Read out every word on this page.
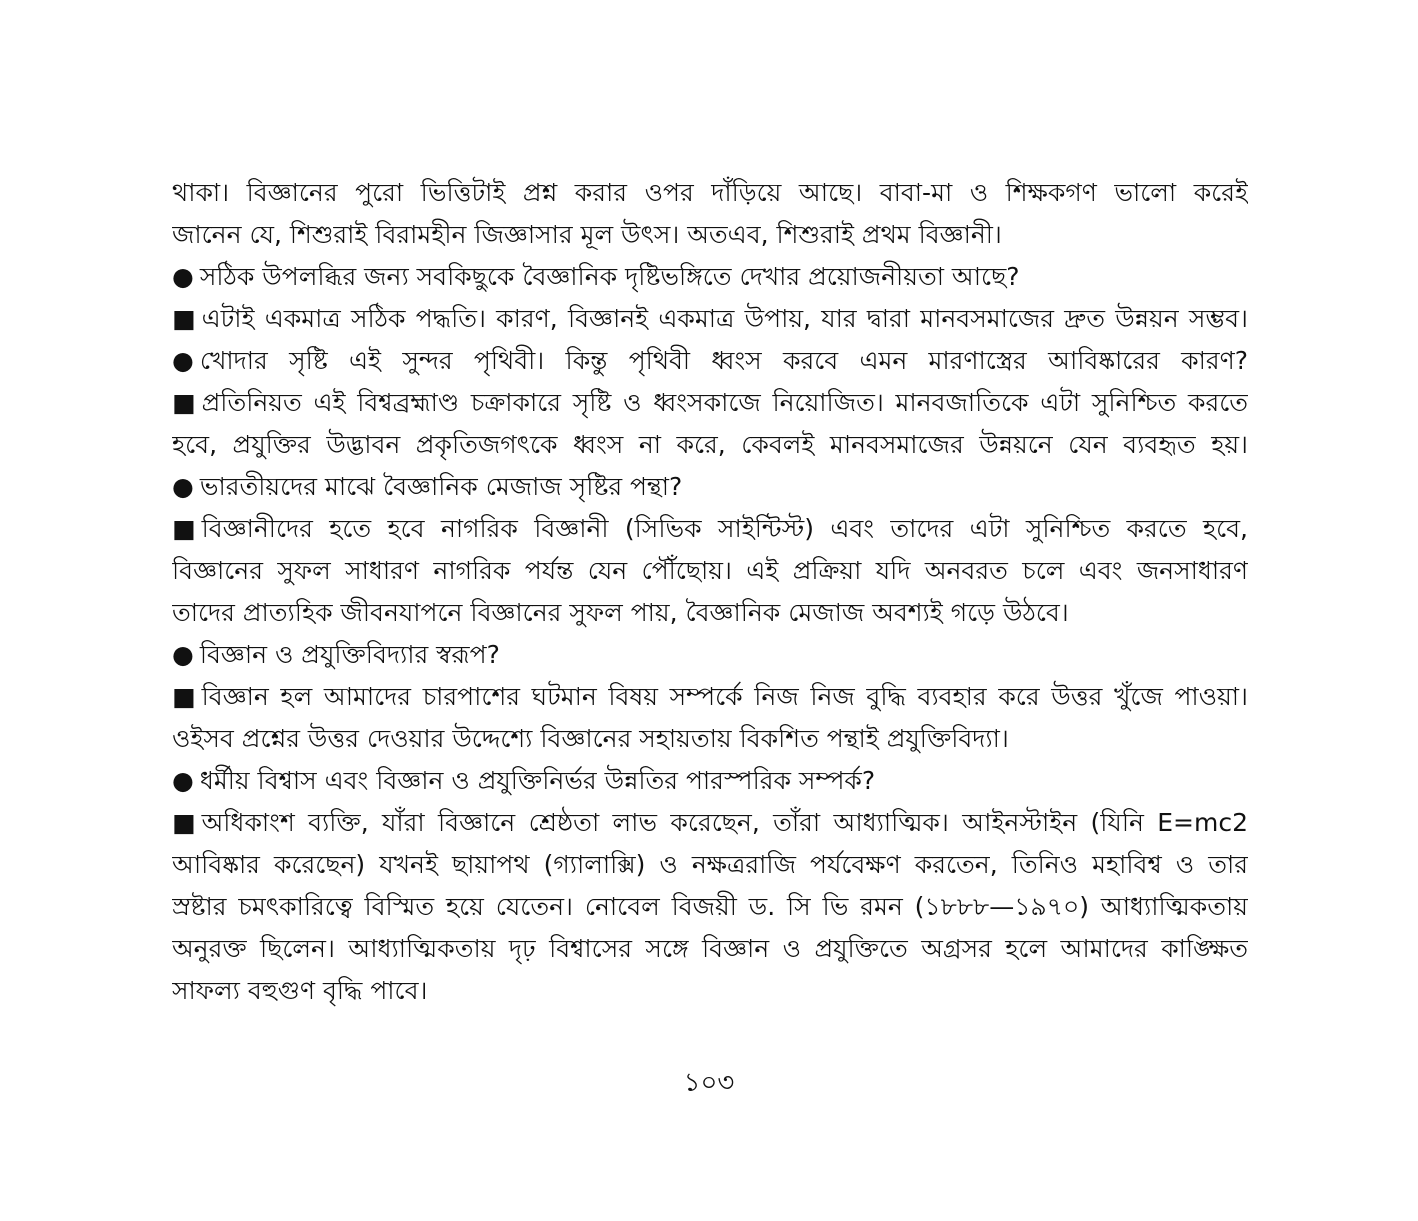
থাকা। বিজ্ঞানের পুরো ভিত্তিটাই প্রশ্ন করার ওপর দাঁড়িয়ে আছে। বাবা-মা ও শিক্ষকগণ ভালো করেই
জানেন যে, শিশুরাই বিরামহীন জিজ্ঞাসার মূল উৎস। অতএব, শিশুরাই প্রথম বিজ্ঞানী।
● সঠিক উপলব্ধির জন্য সবকিছুকে বৈজ্ঞানিক দৃষ্টিভঙ্গিতে দেখার প্রয়োজনীয়তা আছে?
■ এটাই একমাত্র সঠিক পদ্ধতি। কারণ, বিজ্ঞানই একমাত্র উপায়, যার দ্বারা মানবসমাজের দ্রুত উন্নয়ন সম্ভব।
● খোদার সৃষ্টি এই সুন্দর পৃথিবী। কিন্তু পৃথিবী ধ্বংস করবে এমন মারণাস্ত্রের আবিষ্কারের কারণ?
■ প্রতিনিয়ত এই বিশ্বব্রহ্মাণ্ড চক্রাকারে সৃষ্টি ও ধ্বংসকাজে নিয়োজিত। মানবজাতিকে এটা সুনিশ্চিত করতে
হবে, প্রযুক্তির উদ্ভাবন প্রকৃতিজগৎকে ধ্বংস না করে, কেবলই মানবসমাজের উন্নয়নে যেন ব্যবহৃত হয়।
● ভারতীয়দের মাঝে বৈজ্ঞানিক মেজাজ সৃষ্টির পন্থা?
■ বিজ্ঞানীদের হতে হবে নাগরিক বিজ্ঞানী (সিভিক সাইন্টিস্ট) এবং তাদের এটা সুনিশ্চিত করতে হবে,
বিজ্ঞানের সুফল সাধারণ নাগরিক পর্যন্ত যেন পৌঁছোয়। এই প্রক্রিয়া যদি অনবরত চলে এবং জনসাধারণ
তাদের প্রাত্যহিক জীবনযাপনে বিজ্ঞানের সুফল পায়, বৈজ্ঞানিক মেজাজ অবশ্যই গড়ে উঠবে।
● বিজ্ঞান ও প্রযুক্তিবিদ্যার স্বরূপ?
■ বিজ্ঞান হল আমাদের চারপাশের ঘটমান বিষয় সম্পর্কে নিজ নিজ বুদ্ধি ব্যবহার করে উত্তর খুঁজে পাওয়া।
ওইসব প্রশ্নের উত্তর দেওয়ার উদ্দেশ্যে বিজ্ঞানের সহায়তায় বিকশিত পন্থাই প্রযুক্তিবিদ্যা।
● ধর্মীয় বিশ্বাস এবং বিজ্ঞান ও প্রযুক্তিনির্ভর উন্নতির পারস্পরিক সম্পর্ক?
■ অধিকাংশ ব্যক্তি, যাঁরা বিজ্ঞানে শ্রেষ্ঠতা লাভ করেছেন, তাঁরা আধ্যাত্মিক। আইনস্টাইন (যিনি E=mc2
আবিষ্কার করেছেন) যখনই ছায়াপথ (গ্যালাক্সি) ও নক্ষত্ররাজি পর্যবেক্ষণ করতেন, তিনিও মহাবিশ্ব ও তার
স্রষ্টার চমৎকারিত্বে বিস্মিত হয়ে যেতেন। নোবেল বিজয়ী ড. সি ভি রমন (১৮৮৮—১৯৭০) আধ্যাত্মিকতায়
অনুরক্ত ছিলেন। আধ্যাত্মিকতায় দৃঢ় বিশ্বাসের সঙ্গে বিজ্ঞান ও প্রযুক্তিতে অগ্রসর হলে আমাদের কাঙ্ক্ষিত
সাফল্য বহুগুণ বৃদ্ধি পাবে।
১০৩
